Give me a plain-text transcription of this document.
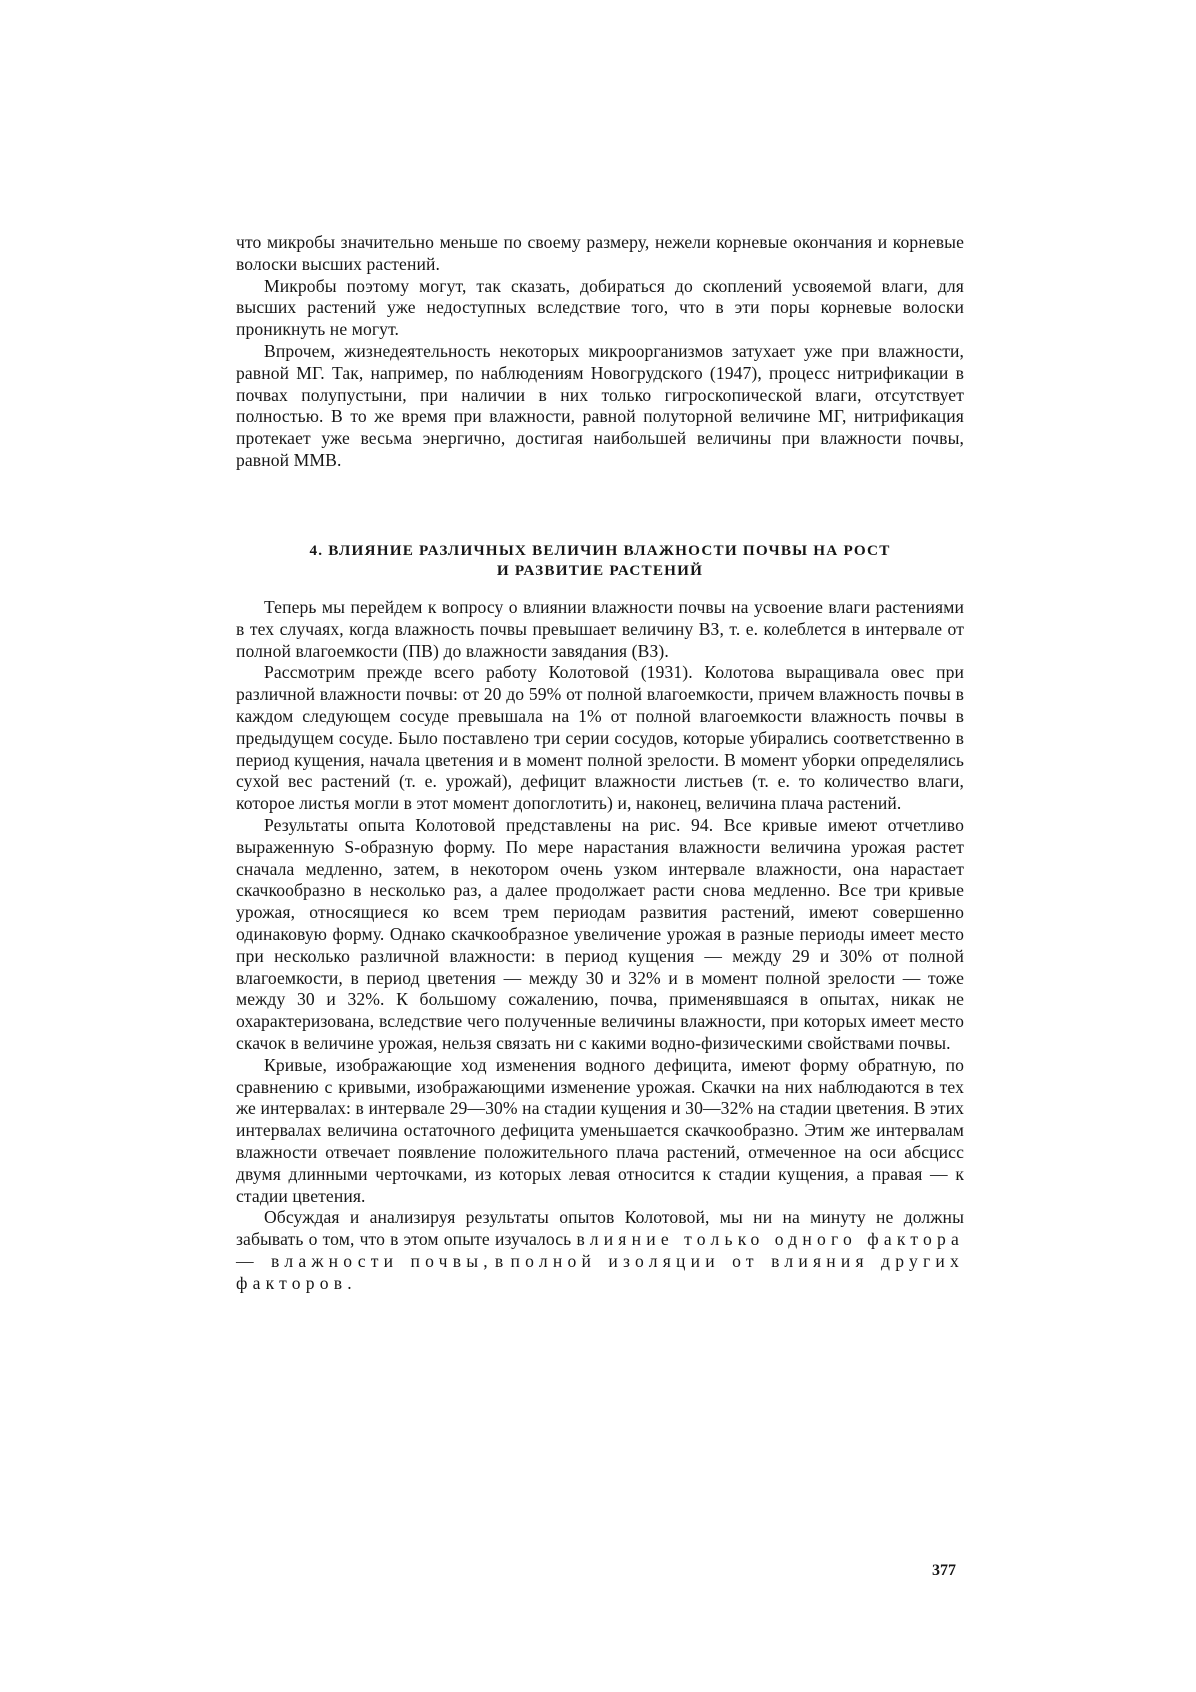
что микробы значительно меньше по своему размеру, нежели корневые окончания и корневые волоски высших растений.

Микробы поэтому могут, так сказать, добираться до скоплений усвояемой влаги, для высших растений уже недоступных вследствие того, что в эти поры корневые волоски проникнуть не могут.

Впрочем, жизнедеятельность некоторых микроорганизмов затухает уже при влажности, равной МГ. Так, например, по наблюдениям Новогрудского (1947), процесс нитрификации в почвах полупустыни, при наличии в них только гигроскопической влаги, отсутствует полностью. В то же время при влажности, равной полуторной величине МГ, нитрификация протекает уже весьма энергично, достигая наибольшей величины при влажности почвы, равной ММВ.

4. ВЛИЯНИЕ РАЗЛИЧНЫХ ВЕЛИЧИН ВЛАЖНОСТИ ПОЧВЫ НА РОСТ
И РАЗВИТИЕ РАСТЕНИЙ

Теперь мы перейдем к вопросу о влиянии влажности почвы на усвоение влаги растениями в тех случаях, когда влажность почвы превышает величину ВЗ, т. е. колеблется в интервале от полной влагоемкости (ПВ) до влажности завядания (ВЗ).

Рассмотрим прежде всего работу Колотовой (1931). Колотова выращивала овес при различной влажности почвы: от 20 до 59% от полной влагоемкости, причем влажность почвы в каждом следующем сосуде превышала на 1% от полной влагоемкости влажность почвы в предыдущем сосуде. Было поставлено три серии сосудов, которые убирались соответственно в период кущения, начала цветения и в момент полной зрелости. В момент уборки определялись сухой вес растений (т. е. урожай), дефицит влажности листьев (т. е. то количество влаги, которое листья могли в этот момент допоглотить) и, наконец, величина плача растений.

Результаты опыта Колотовой представлены на рис. 94. Все кривые имеют отчетливо выраженную S-образную форму. По мере нарастания влажности величина урожая растет сначала медленно, затем, в некотором очень узком интервале влажности, она нарастает скачкообразно в несколько раз, а далее продолжает расти снова медленно. Все три кривые урожая, относящиеся ко всем трем периодам развития растений, имеют совершенно одинаковую форму. Однако скачкообразное увеличение урожая в разные периоды имеет место при несколько различной влажности: в период кущения — между 29 и 30% от полной влагоемкости, в период цветения — между 30 и 32% и в момент полной зрелости — тоже между 30 и 32%. К большому сожалению, почва, применявшаяся в опытах, никак не охарактеризована, вследствие чего полученные величины влажности, при которых имеет место скачок в величине урожая, нельзя связать ни с какими водно-физическими свойствами почвы.

Кривые, изображающие ход изменения водного дефицита, имеют форму обратную, по сравнению с кривыми, изображающими изменение урожая. Скачки на них наблюдаются в тех же интервалах: в интервале 29—30% на стадии кущения и 30—32% на стадии цветения. В этих интервалах величина остаточного дефицита уменьшается скачкообразно. Этим же интервалам влажности отвечает появление положительного плача растений, отмеченное на оси абсцисс двумя длинными черточками, из которых левая относится к стадии кущения, а правая — к стадии цветения.

Обсуждая и анализируя результаты опытов Колотовой, мы ни на минуту не должны забывать о том, что в этом опыте изучалось влияние только одного фактора — влажности почвы, в полной изоляции от влияния других факторов.

377
